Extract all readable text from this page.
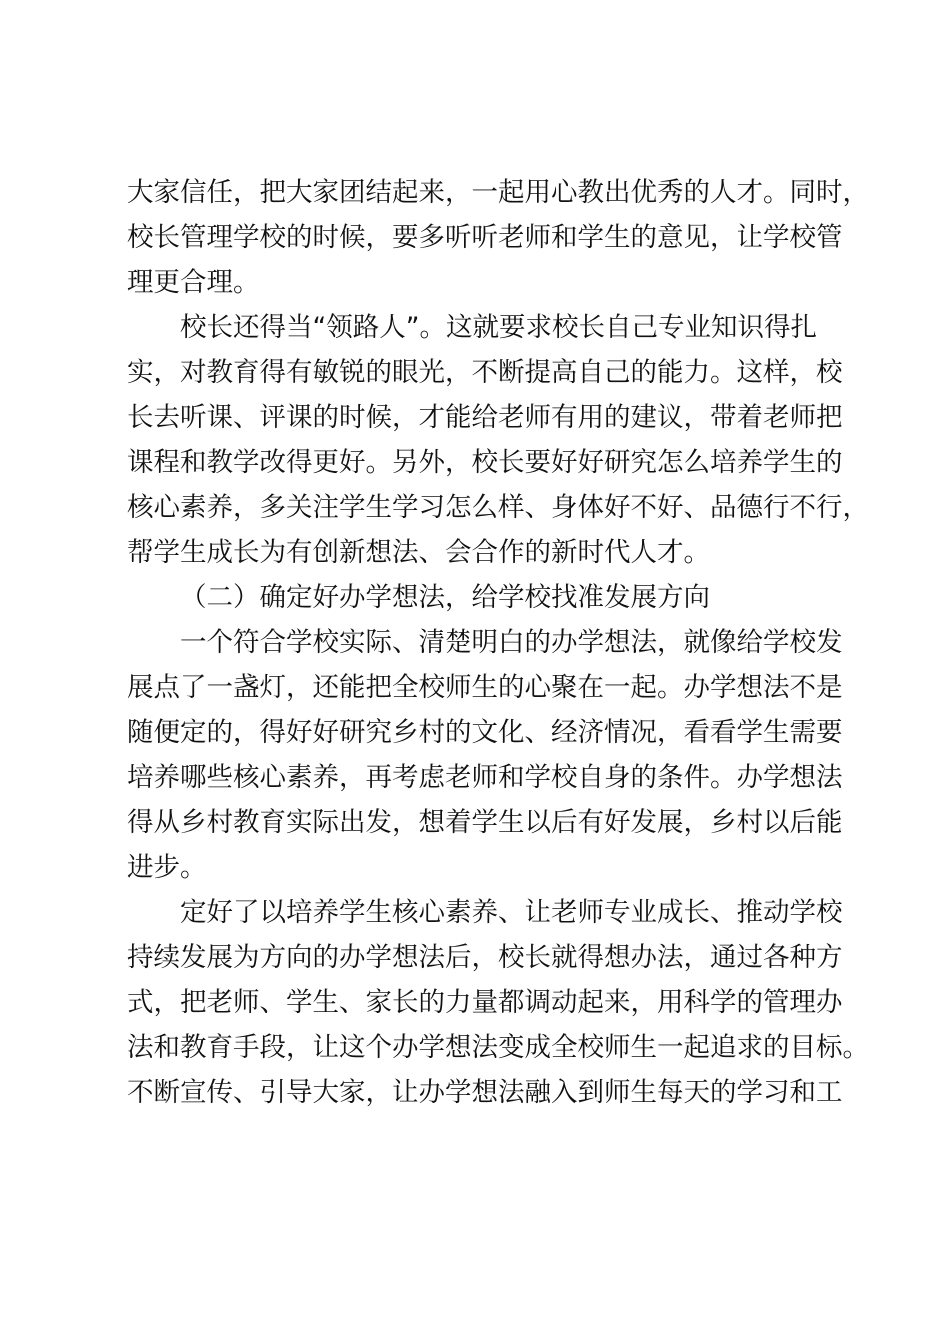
大家信任，把大家团结起来，一起用心教出优秀的人才。同时，
校长管理学校的时候，要多听听老师和学生的意见，让学校管
理更合理。
校长还得当“领路人”。这就要求校长自己专业知识得扎
实，对教育得有敏锐的眼光，不断提高自己的能力。这样，校
长去听课、评课的时候，才能给老师有用的建议，带着老师把
课程和教学改得更好。另外，校长要好好研究怎么培养学生的
核心素养，多关注学生学习怎么样、身体好不好、品德行不行，
帮学生成长为有创新想法、会合作的新时代人才。
（二）确定好办学想法，给学校找准发展方向
一个符合学校实际、清楚明白的办学想法，就像给学校发
展点了一盏灯，还能把全校师生的心聚在一起。办学想法不是
随便定的，得好好研究乡村的文化、经济情况，看看学生需要
培养哪些核心素养，再考虑老师和学校自身的条件。办学想法
得从乡村教育实际出发，想着学生以后有好发展，乡村以后能
进步。
定好了以培养学生核心素养、让老师专业成长、推动学校
持续发展为方向的办学想法后，校长就得想办法，通过各种方
式，把老师、学生、家长的力量都调动起来，用科学的管理办
法和教育手段，让这个办学想法变成全校师生一起追求的目标。
不断宣传、引导大家，让办学想法融入到师生每天的学习和工
